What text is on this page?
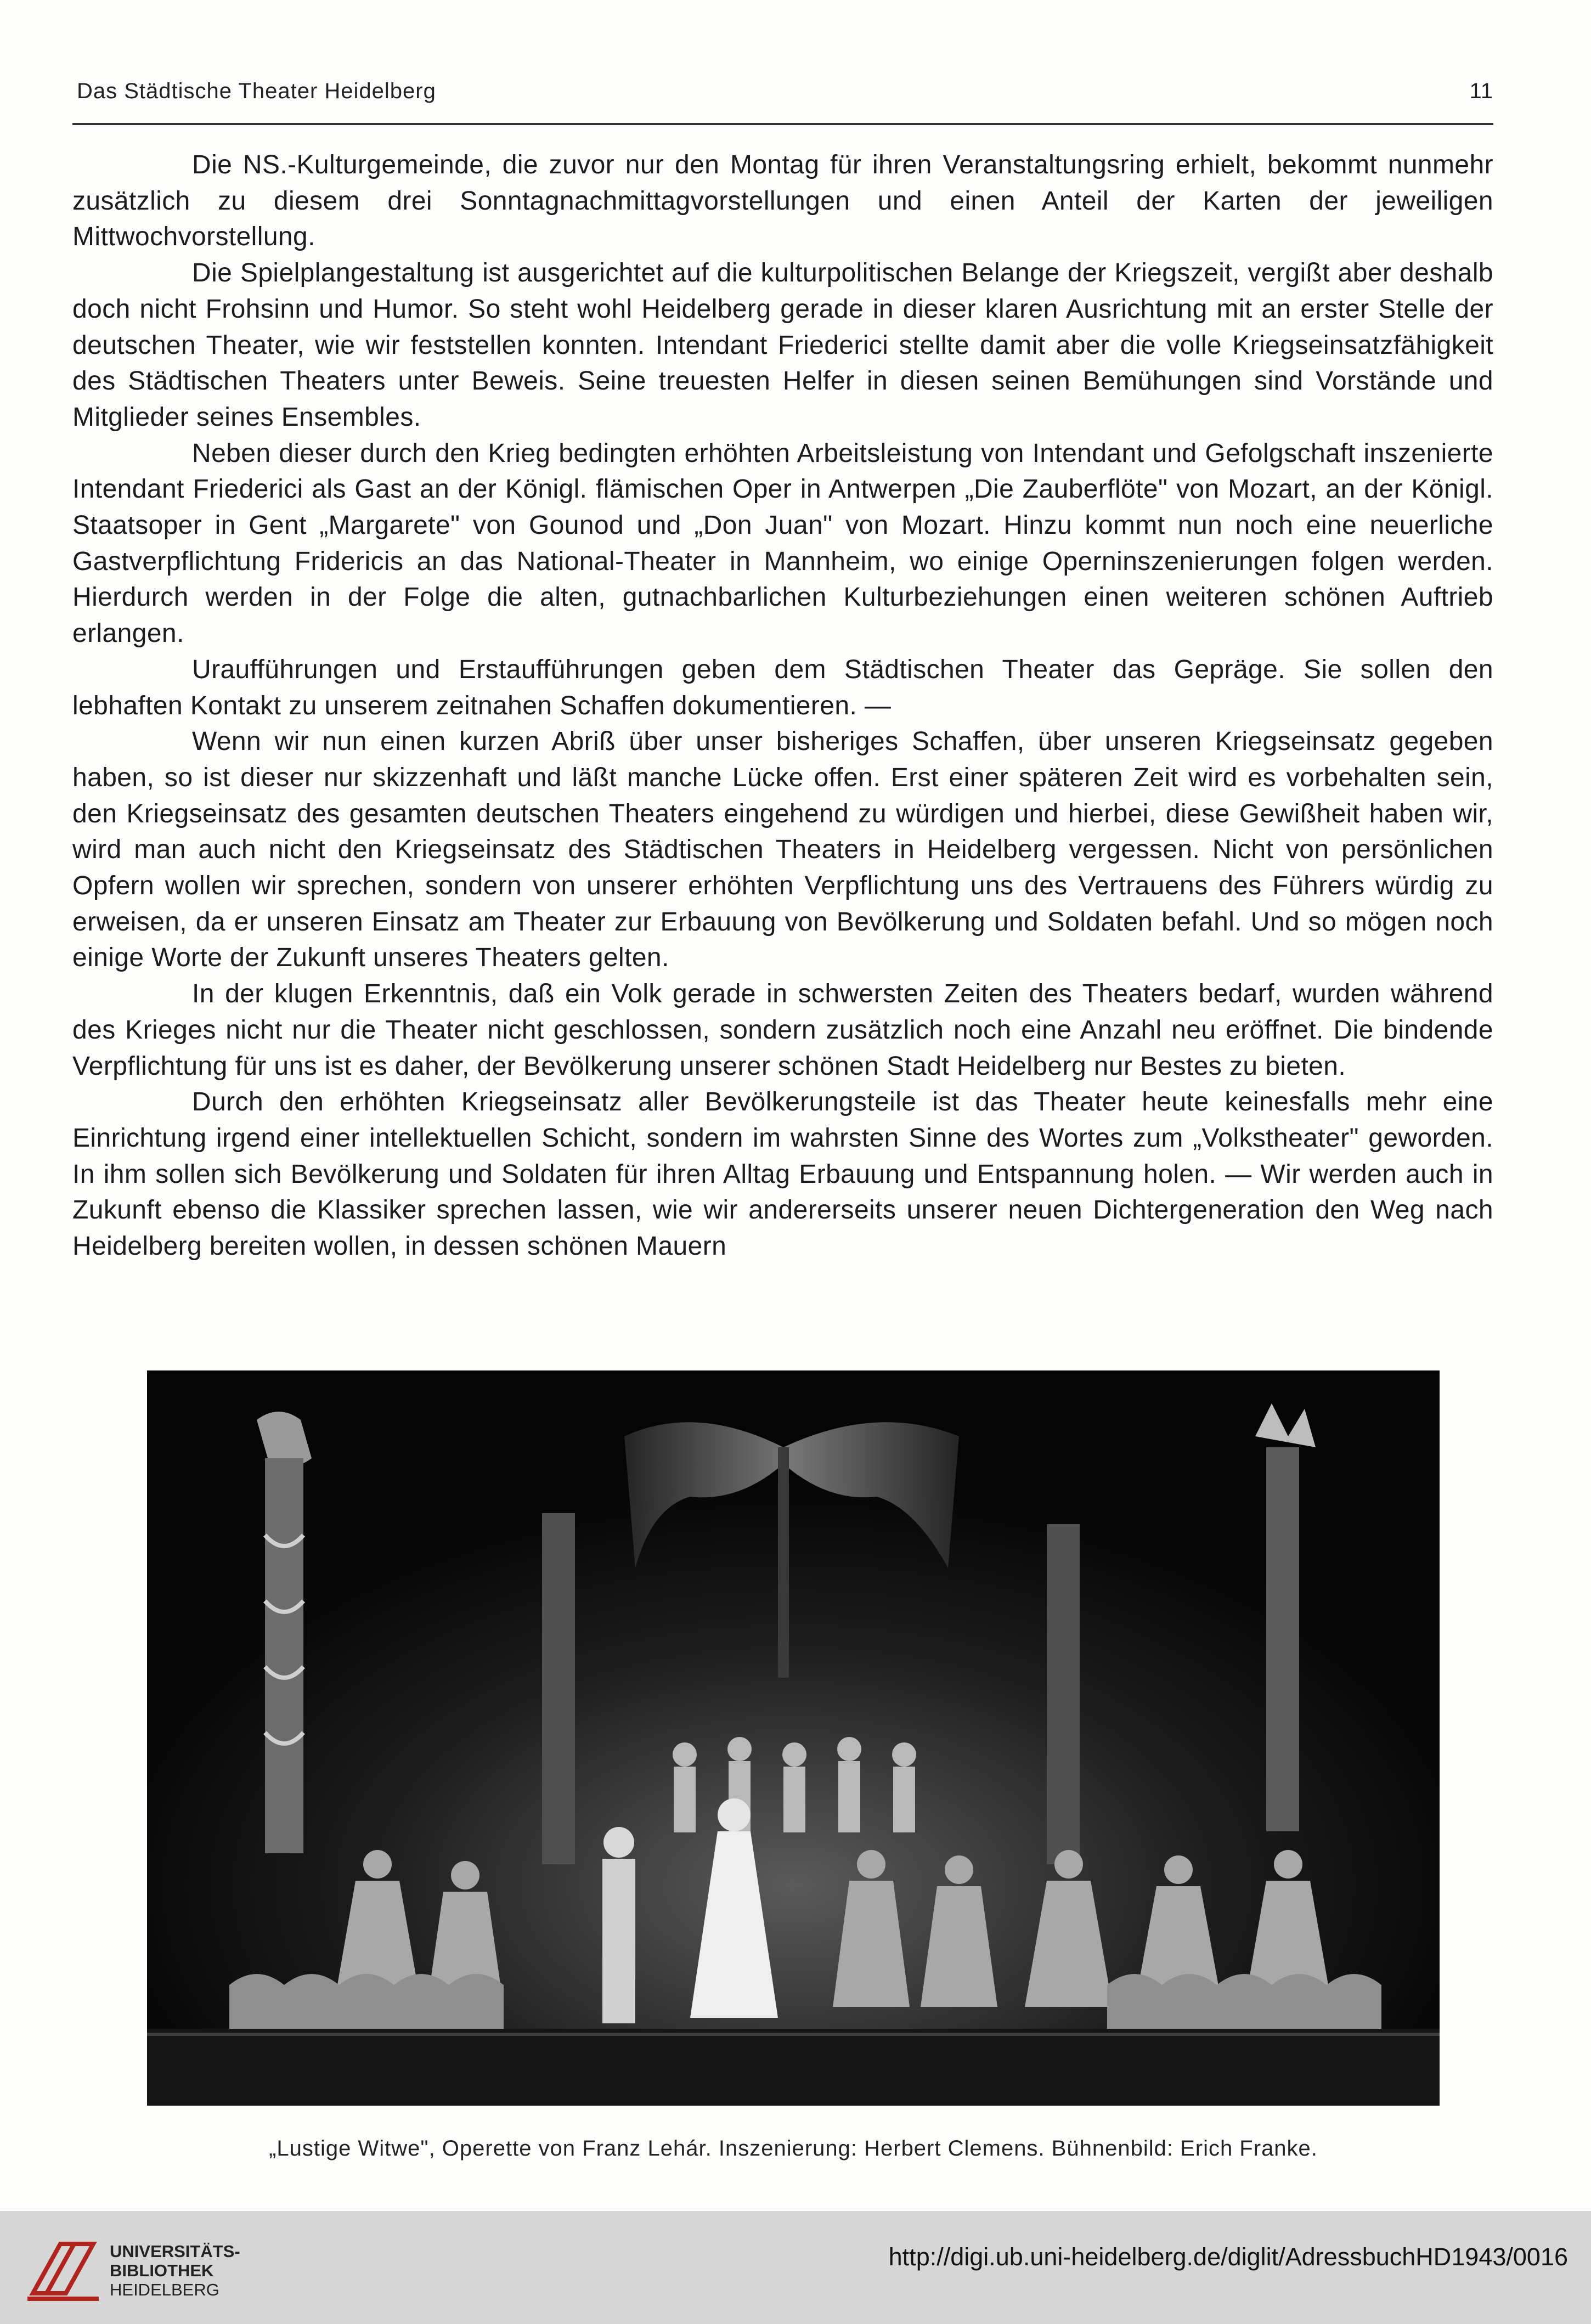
Das Städtische Theater Heidelberg	11

Die NS.-Kulturgemeinde, die zuvor nur den Montag für ihren Veranstaltungsring erhielt, bekommt nunmehr zusätzlich zu diesem drei Sonntagnachmittagvorstellungen und einen Anteil der Karten der jeweiligen Mittwochvorstellung.

Die Spielplangestaltung ist ausgerichtet auf die kulturpolitischen Belange der Kriegszeit, vergißt aber deshalb doch nicht Frohsinn und Humor. So steht wohl Heidelberg gerade in dieser klaren Ausrichtung mit an erster Stelle der deutschen Theater, wie wir feststellen konnten. Intendant Friederici stellte damit aber die volle Kriegseinsatzfähigkeit des Städtischen Theaters unter Beweis. Seine treuesten Helfer in diesen seinen Bemühungen sind Vorstände und Mitglieder seines Ensembles.

Neben dieser durch den Krieg bedingten erhöhten Arbeitsleistung von Intendant und Gefolgschaft inszenierte Intendant Friederici als Gast an der Königl. flämischen Oper in Antwerpen „Die Zauberflöte" von Mozart, an der Königl. Staatsoper in Gent „Margarete" von Gounod und „Don Juan" von Mozart. Hinzu kommt nun noch eine neuerliche Gastverpflichtung Fridericis an das National-Theater in Mannheim, wo einige Operninszenierungen folgen werden. Hierdurch werden in der Folge die alten, gutnachbarlichen Kulturbeziehungen einen weiteren schönen Auftrieb erlangen.

Uraufführungen und Erstaufführungen geben dem Städtischen Theater das Gepräge. Sie sollen den lebhaften Kontakt zu unserem zeitnahen Schaffen dokumentieren. —

Wenn wir nun einen kurzen Abriß über unser bisheriges Schaffen, über unseren Kriegseinsatz gegeben haben, so ist dieser nur skizzenhaft und läßt manche Lücke offen. Erst einer späteren Zeit wird es vorbehalten sein, den Kriegseinsatz des gesamten deutschen Theaters eingehend zu würdigen und hierbei, diese Gewißheit haben wir, wird man auch nicht den Kriegseinsatz des Städtischen Theaters in Heidelberg vergessen. Nicht von persönlichen Opfern wollen wir sprechen, sondern von unserer erhöhten Verpflichtung uns des Vertrauens des Führers würdig zu erweisen, da er unseren Einsatz am Theater zur Erbauung von Bevölkerung und Soldaten befahl. Und so mögen noch einige Worte der Zukunft unseres Theaters gelten.

In der klugen Erkenntnis, daß ein Volk gerade in schwersten Zeiten des Theaters bedarf, wurden während des Krieges nicht nur die Theater nicht geschlossen, sondern zusätzlich noch eine Anzahl neu eröffnet. Die bindende Verpflichtung für uns ist es daher, der Bevölkerung unserer schönen Stadt Heidelberg nur Bestes zu bieten.

Durch den erhöhten Kriegseinsatz aller Bevölkerungsteile ist das Theater heute keinesfalls mehr eine Einrichtung irgend einer intellektuellen Schicht, sondern im wahrsten Sinne des Wortes zum „Volkstheater" geworden. In ihm sollen sich Bevölkerung und Soldaten für ihren Alltag Erbauung und Entspannung holen. — Wir werden auch in Zukunft ebenso die Klassiker sprechen lassen, wie wir andererseits unserer neuen Dichtergeneration den Weg nach Heidelberg bereiten wollen, in dessen schönen Mauern

„Lustige Witwe", Operette von Franz Lehár. Inszenierung: Herbert Clemens. Bühnenbild: Erich Franke.
UNIVERSITÄTS-
BIBLIOTHEK
HEIDELBERG
http://digi.ub.uni-heidelberg.de/diglit/AdressbuchHD1943/0016
